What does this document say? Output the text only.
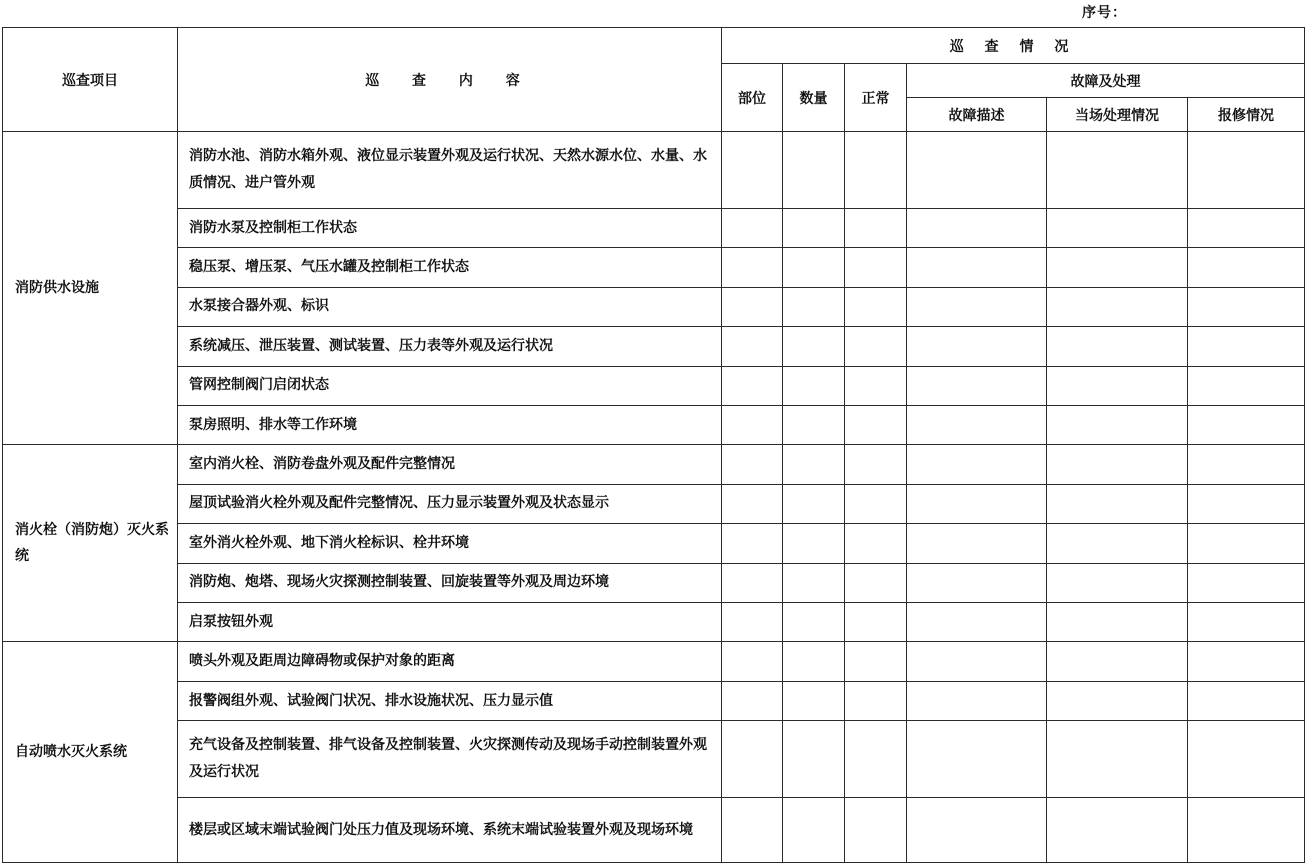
序号：
巡查项目	巡 查 内 容	巡 查 情 况					
		部位	数量	正常	故障及处理		
					故障描述	当场处理情况	报修情况
消防供水设施	消防水池、消防水箱外观、液位显示装置外观及运行状况、天然水源水位、水量、水质情况、进户管外观						
	消防水泵及控制柜工作状态						
	稳压泵、增压泵、气压水罐及控制柜工作状态						
	水泵接合器外观、标识						
	系统减压、泄压装置、测试装置、压力表等外观及运行状况						
	管网控制阀门启闭状态						
	泵房照明、排水等工作环境						
消火栓（消防炮）灭火系统	室内消火栓、消防卷盘外观及配件完整情况						
	屋顶试验消火栓外观及配件完整情况、压力显示装置外观及状态显示						
	室外消火栓外观、地下消火栓标识、栓井环境						
	消防炮、炮塔、现场火灾探测控制装置、回旋装置等外观及周边环境						
	启泵按钮外观						
自动喷水灭火系统	喷头外观及距周边障碍物或保护对象的距离						
	报警阀组外观、试验阀门状况、排水设施状况、压力显示值						
	充气设备及控制装置、排气设备及控制装置、火灾探测传动及现场手动控制装置外观及运行状况						
	楼层或区域末端试验阀门处压力值及现场环境、系统末端试验装置外观及现场环境						
